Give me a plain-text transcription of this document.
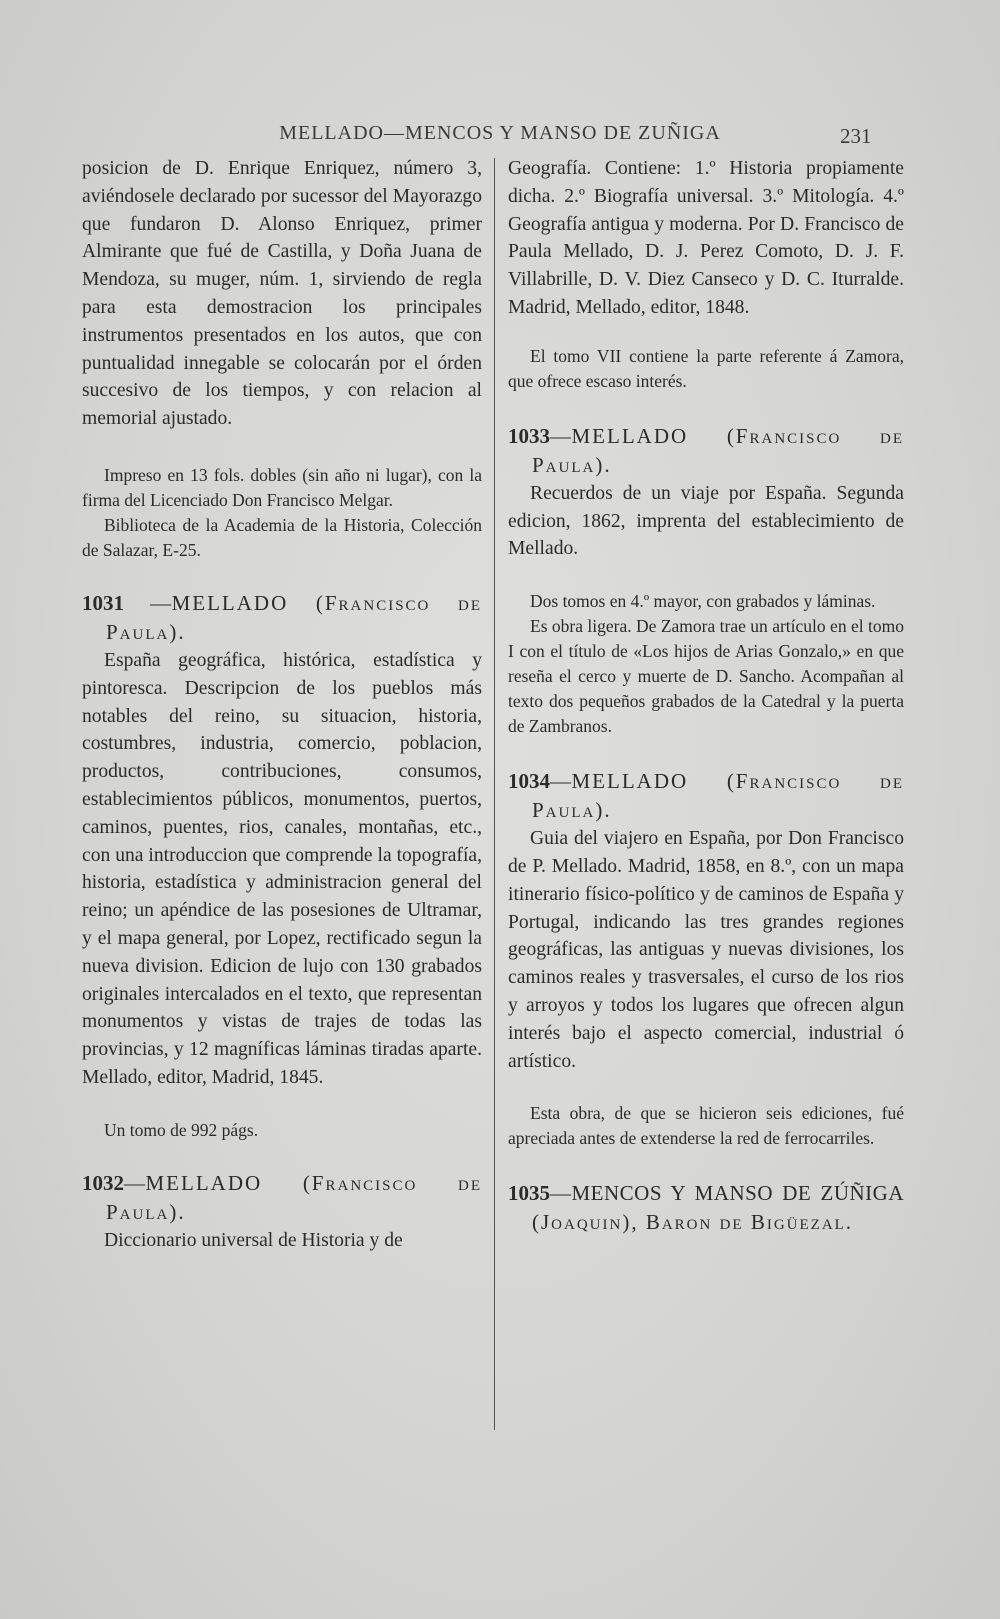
MELLADO—MENCOS Y MANSO DE ZUÑIGA	231

posicion de D. Enrique Enriquez, número 3, aviéndosele declarado por sucessor del Mayorazgo que fundaron D. Alonso Enriquez, primer Almirante que fué de Castilla, y Doña Juana de Mendoza, su muger, núm. 1, sirviendo de regla para esta demostracion los principales instrumentos presentados en los autos, que con puntualidad innegable se colocarán por el órden succesivo de los tiempos, y con relacion al memorial ajustado.

Impreso en 13 fols. dobles (sin año ni lugar), con la firma del Licenciado Don Francisco Melgar.

Biblioteca de la Academia de la Historia, Colección de Salazar, E-25.

1031 —MELLADO (Francisco de Paula).

España geográfica, histórica, estadística y pintoresca. Descripcion de los pueblos más notables del reino, su situacion, historia, costumbres, industria, comercio, poblacion, productos, contribuciones, consumos, establecimientos públicos, monumentos, puertos, caminos, puentes, rios, canales, montañas, etc., con una introduccion que comprende la topografía, historia, estadística y administracion general del reino; un apéndice de las posesiones de Ultramar, y el mapa general, por Lopez, rectificado segun la nueva division. Edicion de lujo con 130 grabados originales intercalados en el texto, que representan monumentos y vistas de trajes de todas las provincias, y 12 magníficas láminas tiradas aparte. Mellado, editor, Madrid, 1845.

Un tomo de 992 págs.

1032—MELLADO (Francisco de Paula).

Diccionario universal de Historia y de

Geografía. Contiene: 1.º Historia propiamente dicha. 2.º Biografía universal. 3.º Mitología. 4.º Geografía antigua y moderna. Por D. Francisco de Paula Mellado, D. J. Perez Comoto, D. J. F. Villabrille, D. V. Diez Canseco y D. C. Iturralde. Madrid, Mellado, editor, 1848.

El tomo VII contiene la parte referente á Zamora, que ofrece escaso interés.

1033—MELLADO (Francisco de Paula).

Recuerdos de un viaje por España. Segunda edicion, 1862, imprenta del establecimiento de Mellado.

Dos tomos en 4.º mayor, con grabados y láminas.

Es obra ligera. De Zamora trae un artículo en el tomo I con el título de «Los hijos de Arias Gonzalo,» en que reseña el cerco y muerte de D. Sancho. Acompañan al texto dos pequeños grabados de la Catedral y la puerta de Zambranos.

1034—MELLADO (Francisco de Paula).

Guia del viajero en España, por Don Francisco de P. Mellado. Madrid, 1858, en 8.º, con un mapa itinerario físico-político y de caminos de España y Portugal, indicando las tres grandes regiones geográficas, las antiguas y nuevas divisiones, los caminos reales y trasversales, el curso de los rios y arroyos y todos los lugares que ofrecen algun interés bajo el aspecto comercial, industrial ó artístico.

Esta obra, de que se hicieron seis ediciones, fué apreciada antes de extenderse la red de ferrocarriles.

1035—MENCOS Y MANSO DE ZÚÑIGA (Joaquin), Baron de Bigüezal.
